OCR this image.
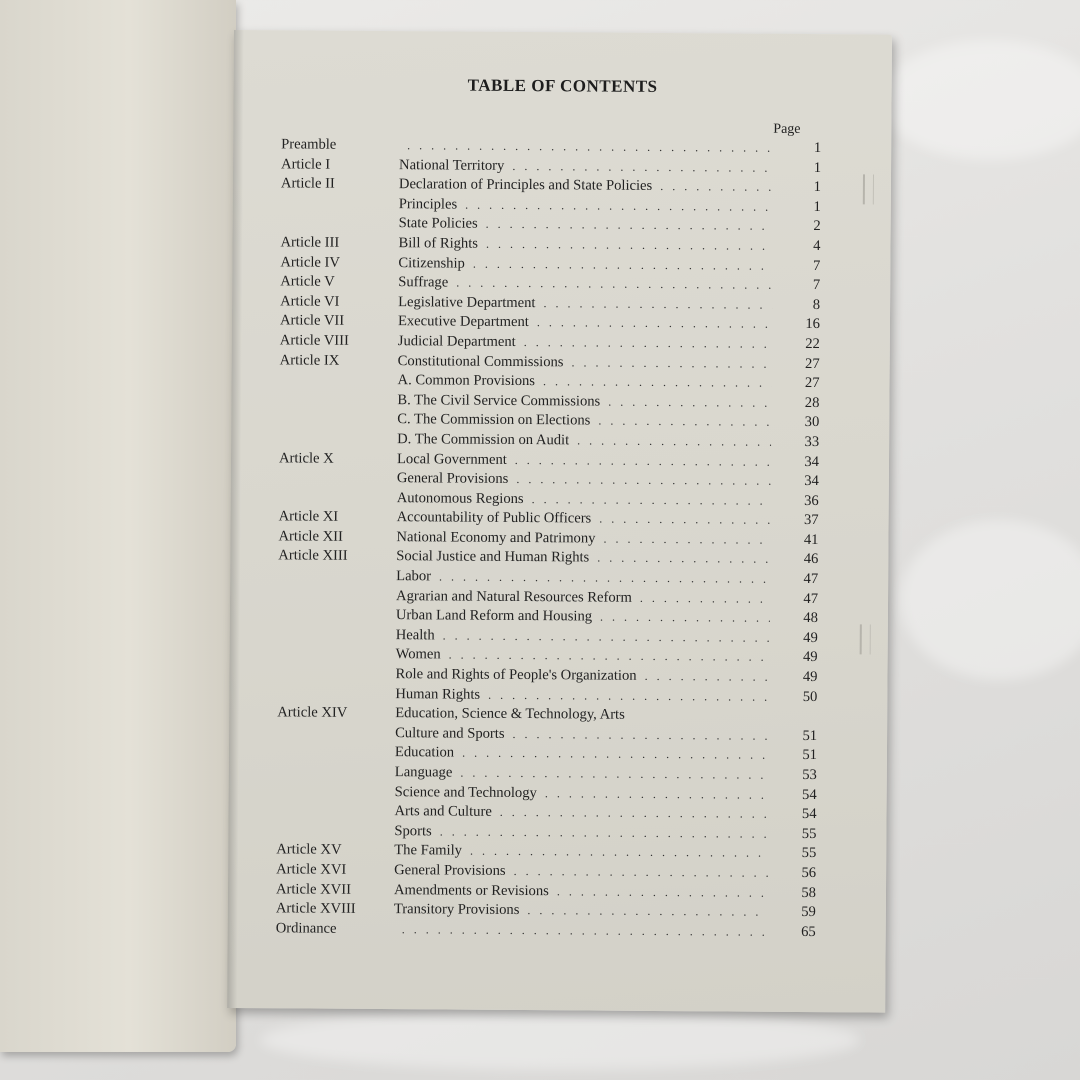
TABLE OF CONTENTS
Page
Preamble . . .	1
Article I	National Territory . . .	1
Article II	Declaration of Principles and State Policies . . .	1
Principles . . .	1
State Policies . . .	2
Article III	Bill of Rights . . .	4
Article IV	Citizenship . . .	7
Article V	Suffrage . . .	7
Article VI	Legislative Department . . .	8
Article VII	Executive Department . . .	16
Article VIII	Judicial Department . . .	22
Article IX	Constitutional Commissions . . .	27
A. Common Provisions . . .	27
B. The Civil Service Commissions . . .	28
C. The Commission on Elections . . .	30
D. The Commission on Audit . . .	33
Article X	Local Government . . .	34
General Provisions . . .	34
Autonomous Regions . . .	36
Article XI	Accountability of Public Officers . . .	37
Article XII	National Economy and Patrimony . . .	41
Article XIII	Social Justice and Human Rights . . .	46
Labor . . .	47
Agrarian and Natural Resources Reform . . .	47
Urban Land Reform and Housing . . .	48
Health . . .	49
Women . . .	49
Role and Rights of People's Organization . . .	49
Human Rights . . .	50
Article XIV	Education, Science & Technology, Arts
Culture and Sports . . .	51
Education . . .	51
Language . . .	53
Science and Technology . . .	54
Arts and Culture . . .	54
Sports . . .	55
Article XV	The Family . . .	55
Article XVI	General Provisions . . .	56
Article XVII	Amendments or Revisions . . .	58
Article XVIII	Transitory Provisions . . .	59
Ordinance . . .	65
